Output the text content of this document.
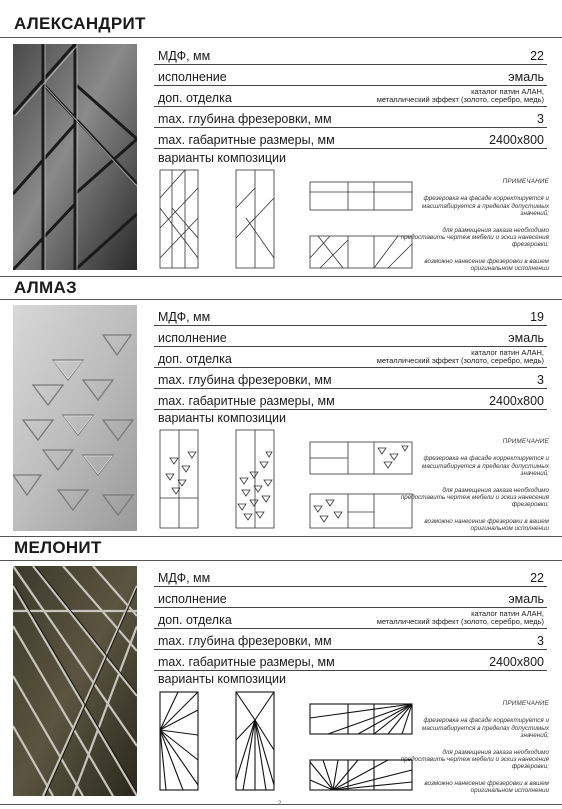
АЛЕКСАНДРИТ
МДФ, мм	22
исполнение	эмаль
доп. отделка	каталог патин АЛАН,
металлический эффект (золото, серебро, медь)
max. глубина фрезеровки, мм	3
max. габаритные размеры, мм	2400x800
варианты композиции
АЛМАЗ
МДФ, мм	19
исполнение	эмаль
доп. отделка	каталог патин АЛАН,
металлический эффект (золото, серебро, медь)
max. глубина фрезеровки, мм	3
max. габаритные размеры, мм	2400x800
варианты композиции
МЕЛОНИТ
МДФ, мм	22
исполнение	эмаль
доп. отделка	каталог патин АЛАН,
металлический эффект (золото, серебро, медь)
max. глубина фрезеровки, мм	3
max. габаритные размеры, мм	2400x800
варианты композиции
ПРИМЕЧАНИЕ

фрезеровка на фасаде корректируется и масштабируется в пределах допустимых значений;

для размещения заказа необходимо предоставить чертеж мебели и эскиз нанесения фрезеровки;

возможно нанесение фрезеровки в вашем оригинальном исполнении

ПРИМЕЧАНИЕ

фрезеровка на фасаде корректируется и масштабируется в пределах допустимых значений;

для размещения заказа необходимо предоставить чертеж мебели и эскиз нанесения фрезеровки;

возможно нанесение фрезеровки в вашем оригинальном исполнении

ПРИМЕЧАНИЕ

фрезеровка на фасаде корректируется и масштабируется в пределах допустимых значений;

для размещения заказа необходимо предоставить чертеж мебели и эскиз нанесения фрезеровки;

возможно нанесение фрезеровки в вашем оригинальном исполнении

2
